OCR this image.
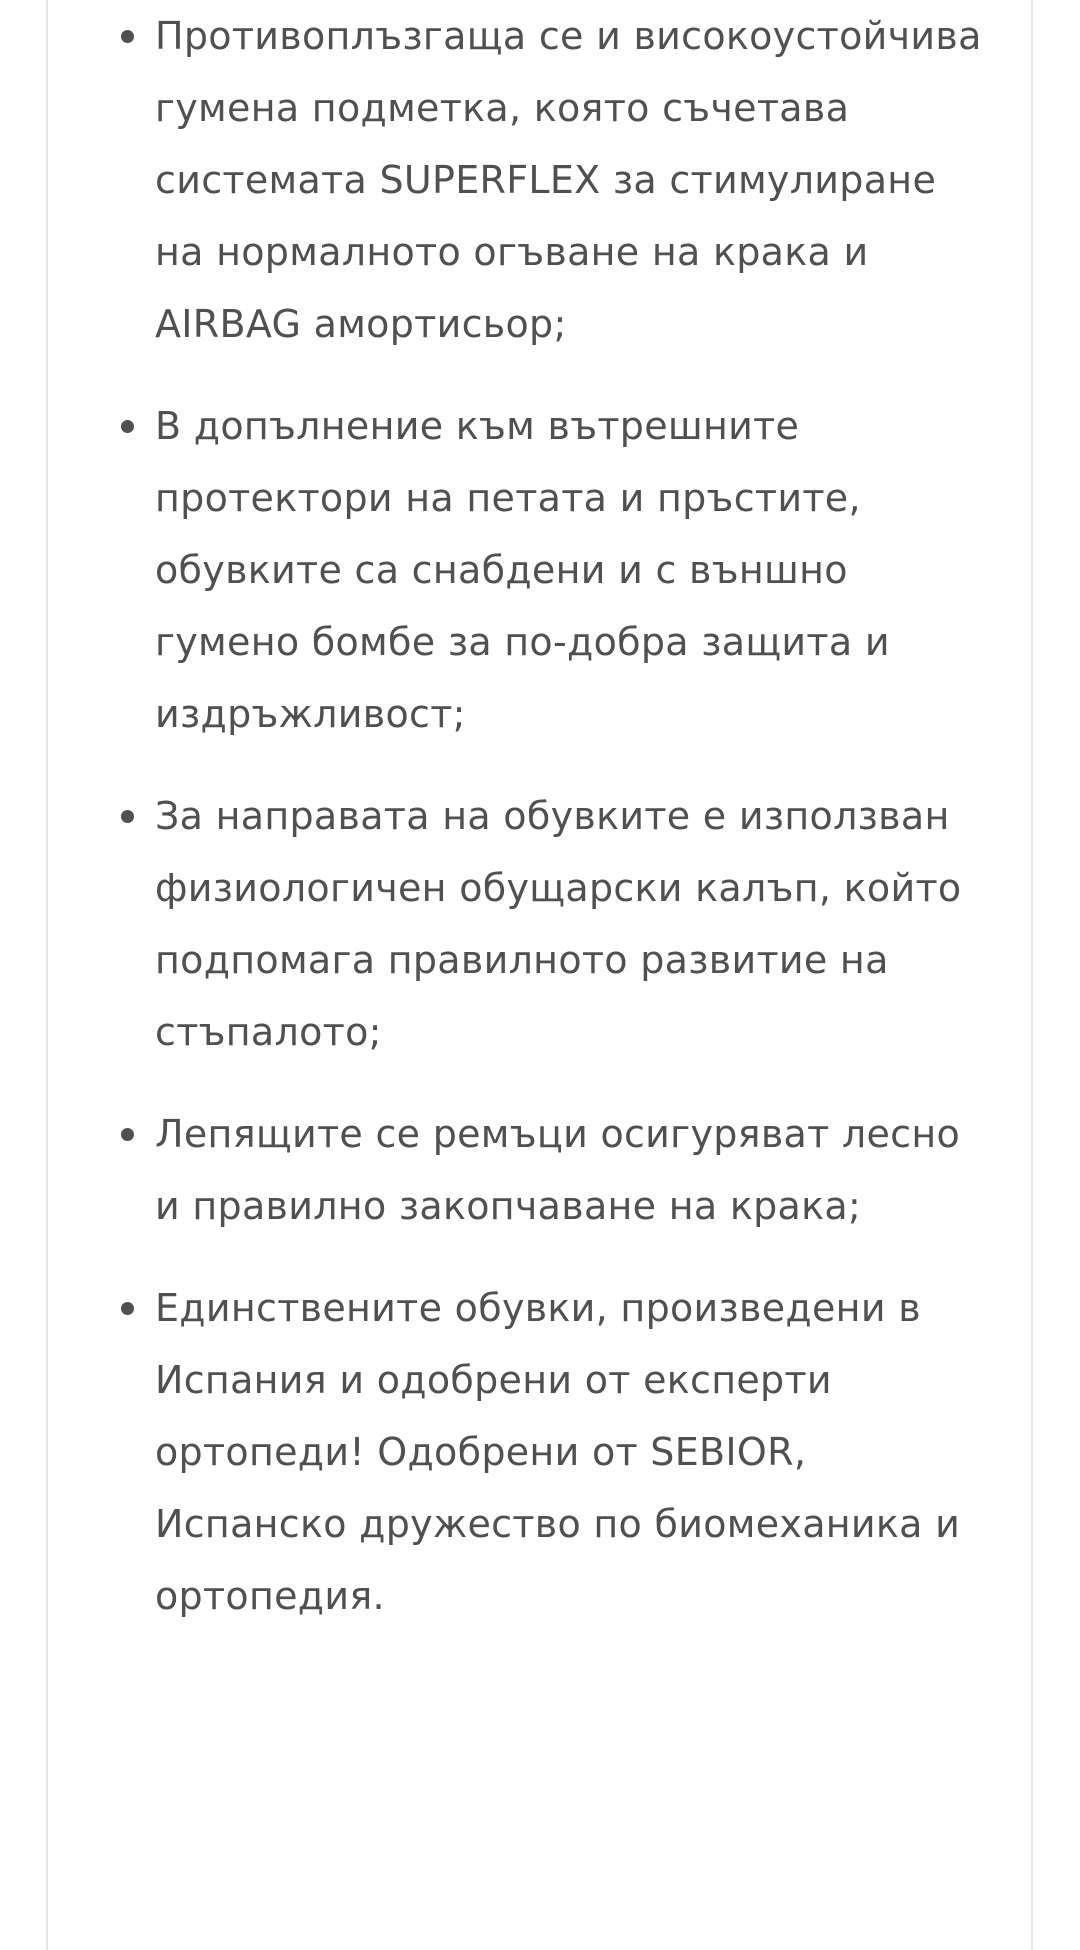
Противоплъзгаща се и високоустойчива гумена подметка, която съчетава системата SUPERFLEX за стимулиране на нормалното огъване на крака и AIRBAG амортисьор;
В допълнение към вътрешните протектори на петата и пръстите, обувките са снабдени и с външно гумено бомбе за по-добра защита и издръжливост;
За направата на обувките е използван физиологичен обущарски калъп, който подпомага правилното развитие на стъпалото;
Лепящите се ремъци осигуряват лесно и правилно закопчаване на крака;
Единствените обувки, произведени в Испания и одобрени от експерти ортопеди! Одобрени от SEBIOR, Испанско дружество по биомеханика и ортопедия.
